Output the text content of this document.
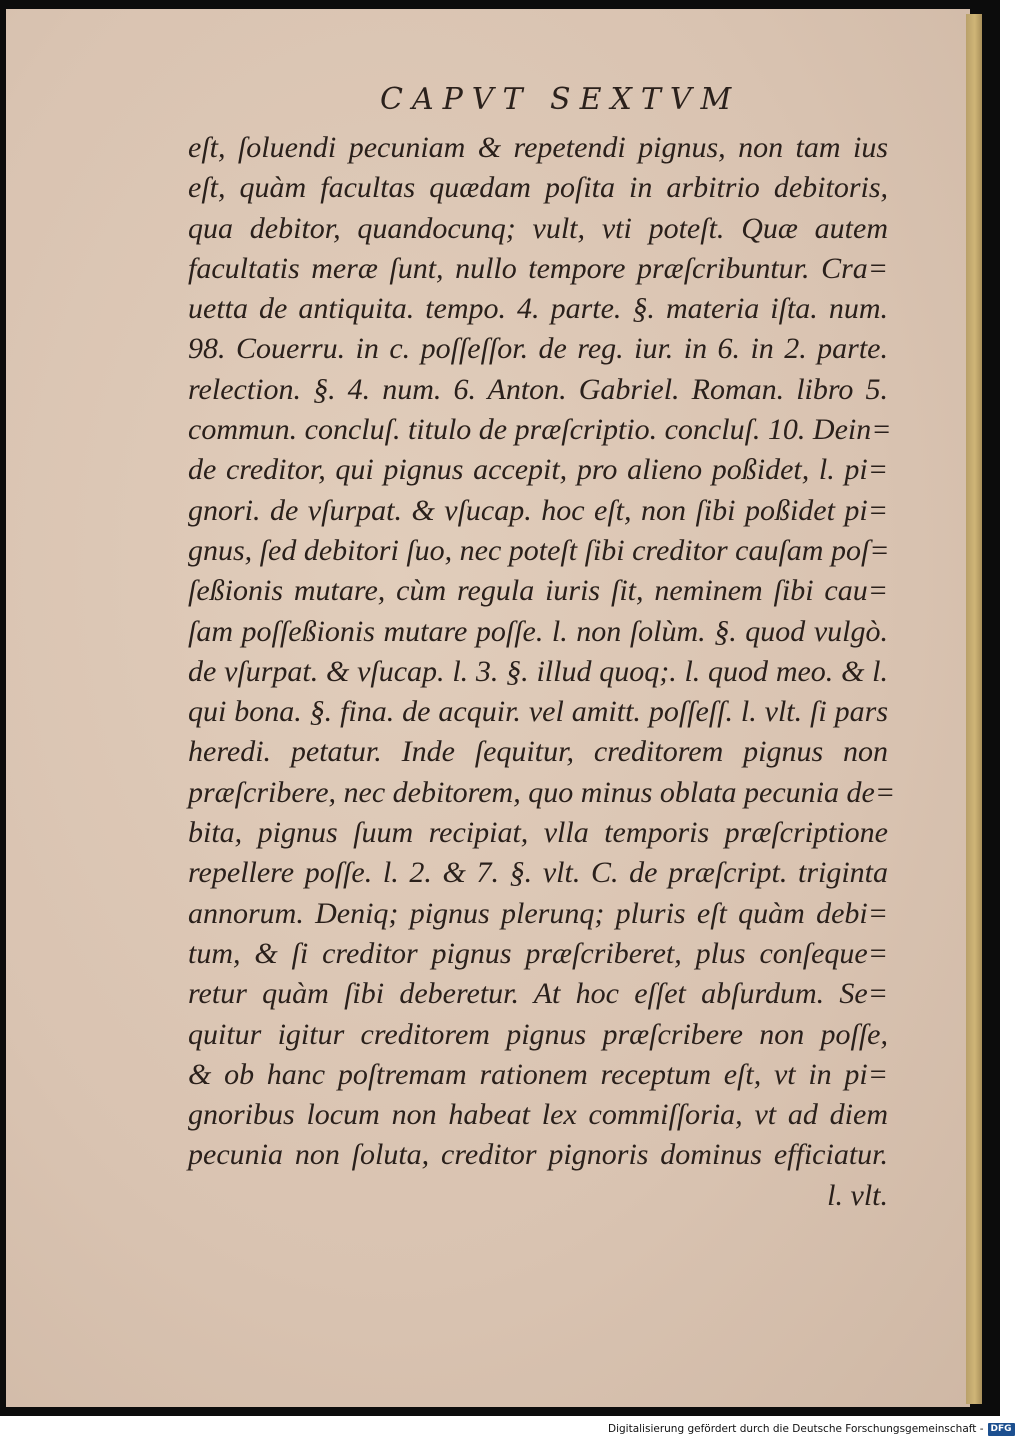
CAPVT SEXTVM
eſt, ſoluendi pecuniam & repetendi pignus, non tam ius
eſt, quàm facultas quædam poſita in arbitrio debitoris,
qua debitor, quandocunq; vult, vti poteſt. Quæ autem
facultatis meræ ſunt, nullo tempore præſcribuntur. Cra=
uetta de antiquita. tempo. 4. parte. §. materia iſta. num.
98. Couerru. in c. poſſeſſor. de reg. iur. in 6. in 2. parte.
relection. §. 4. num. 6. Anton. Gabriel. Roman. libro 5.
commun. concluſ. titulo de præſcriptio. concluſ. 10. Dein=
de creditor, qui pignus accepit, pro alieno poßidet, l. pi=
gnori. de vſurpat. & vſucap. hoc eſt, non ſibi poßidet pi=
gnus, ſed debitori ſuo, nec poteſt ſibi creditor cauſam poſ=
ſeßionis mutare, cùm regula iuris ſit, neminem ſibi cau=
ſam poſſeßionis mutare poſſe. l. non ſolùm. §. quod vulgò.
de vſurpat. & vſucap. l. 3. §. illud quoq;. l. quod meo. & l.
qui bona. §. fina. de acquir. vel amitt. poſſeſſ. l. vlt. ſi pars
heredi. petatur. Inde ſequitur, creditorem pignus non
præſcribere, nec debitorem, quo minus oblata pecunia de=
bita, pignus ſuum recipiat, vlla temporis præſcriptione
repellere poſſe. l. 2. & 7. §. vlt. C. de præſcript. triginta
annorum. Deniq; pignus plerunq; pluris eſt quàm debi=
tum, & ſi creditor pignus præſcriberet, plus conſeque=
retur quàm ſibi deberetur. At hoc eſſet abſurdum. Se=
quitur igitur creditorem pignus præſcribere non poſſe,
& ob hanc poſtremam rationem receptum eſt, vt in pi=
gnoribus locum non habeat lex commiſſoria, vt ad diem
pecunia non ſoluta, creditor pignoris dominus efficiatur.
l. vlt.
Digitalisierung gefördert durch die Deutsche Forschungsgemeinschaft - DFG
